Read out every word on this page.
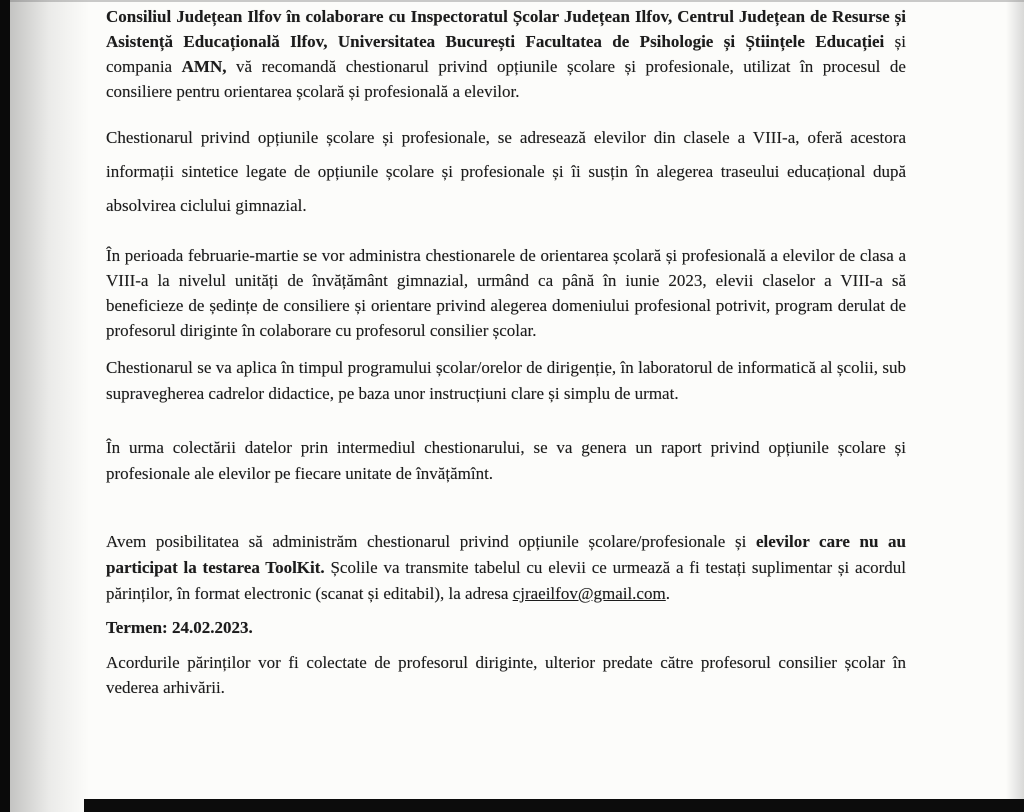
Consiliul Județean Ilfov în colaborare cu Inspectoratul Școlar Județean Ilfov, Centrul Județean de Resurse și Asistență Educațională Ilfov, Universitatea București Facultatea de Psihologie și Științele Educației și compania AMN, vă recomandă chestionarul privind opțiunile școlare și profesionale, utilizat în procesul de consiliere pentru orientarea școlară și profesională a elevilor.

Chestionarul privind opțiunile școlare și profesionale, se adresează elevilor din clasele a VIII-a, oferă acestora informații sintetice legate de opțiunile școlare și profesionale și îi susțin în alegerea traseului educațional după absolvirea ciclului gimnazial.

În perioada februarie-martie se vor administra chestionarele de orientarea școlară și profesională a elevilor de clasa a VIII-a la nivelul unități de învățământ gimnazial, urmând ca până în iunie 2023, elevii claselor a VIII-a să beneficieze de ședințe de consiliere și orientare privind alegerea domeniului profesional potrivit, program derulat de profesorul diriginte în colaborare cu profesorul consilier școlar.

Chestionarul se va aplica în timpul programului școlar/orelor de dirigenție, în laboratorul de informatică al școlii, sub supravegherea cadrelor didactice, pe baza unor instrucțiuni clare și simplu de urmat.

În urma colectării datelor prin intermediul chestionarului, se va genera un raport privind opțiunile școlare și profesionale ale elevilor pe fiecare unitate de învățămînt.

Avem posibilitatea să administrăm chestionarul privind opțiunile școlare/profesionale și elevilor care nu au participat la testarea ToolKit. Școlile va transmite tabelul cu elevii ce urmează a fi testați suplimentar și acordul părinților, în format electronic (scanat și editabil), la adresa cjraeilfov@gmail.com.

Termen: 24.02.2023.

Acordurile părinților vor fi colectate de profesorul diriginte, ulterior predate către profesorul consilier școlar în vederea arhivării.
